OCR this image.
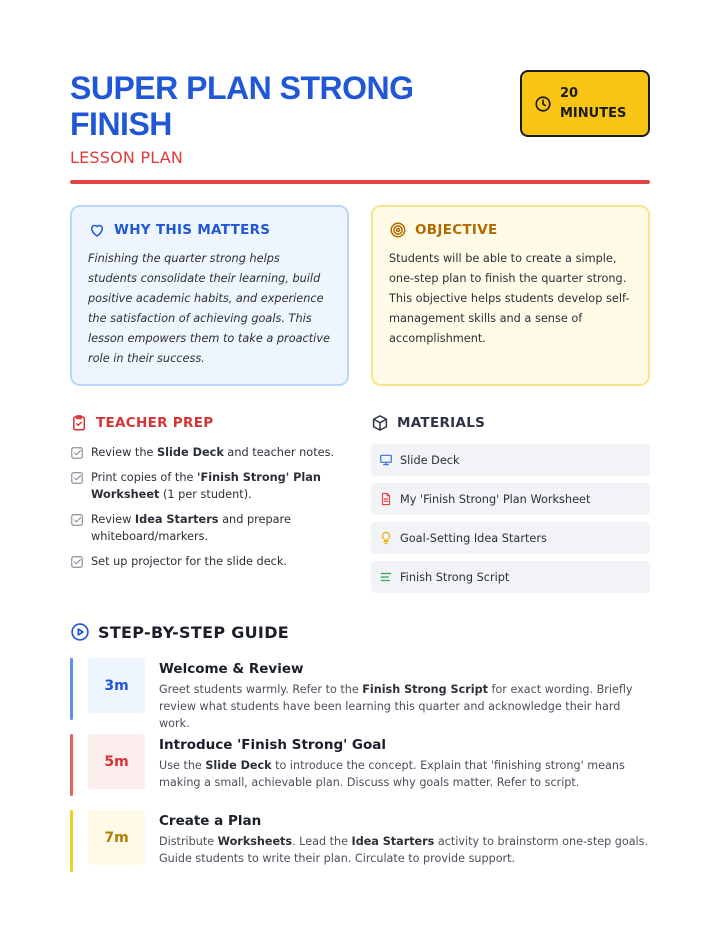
SUPER PLAN STRONG FINISH
LESSON PLAN
20 MINUTES
WHY THIS MATTERS

Finishing the quarter strong helps students consolidate their learning, build positive academic habits, and experience the satisfaction of achieving goals. This lesson empowers them to take a proactive role in their success.

OBJECTIVE

Students will be able to create a simple, one-step plan to finish the quarter strong. This objective helps students develop self-management skills and a sense of accomplishment.

TEACHER PREP
Review the Slide Deck and teacher notes.
Print copies of the 'Finish Strong' Plan Worksheet (1 per student).
Review Idea Starters and prepare whiteboard/markers.
Set up projector for the slide deck.
MATERIALS
Slide Deck
My 'Finish Strong' Plan Worksheet
Goal-Setting Idea Starters
Finish Strong Script
STEP-BY-STEP GUIDE
3m
Welcome & Review
Greet students warmly. Refer to the Finish Strong Script for exact wording. Briefly review what students have been learning this quarter and acknowledge their hard work.
5m
Introduce 'Finish Strong' Goal
Use the Slide Deck to introduce the concept. Explain that 'finishing strong' means making a small, achievable plan. Discuss why goals matter. Refer to script.
7m
Create a Plan
Distribute Worksheets. Lead the Idea Starters activity to brainstorm one-step goals. Guide students to write their plan. Circulate to provide support.
